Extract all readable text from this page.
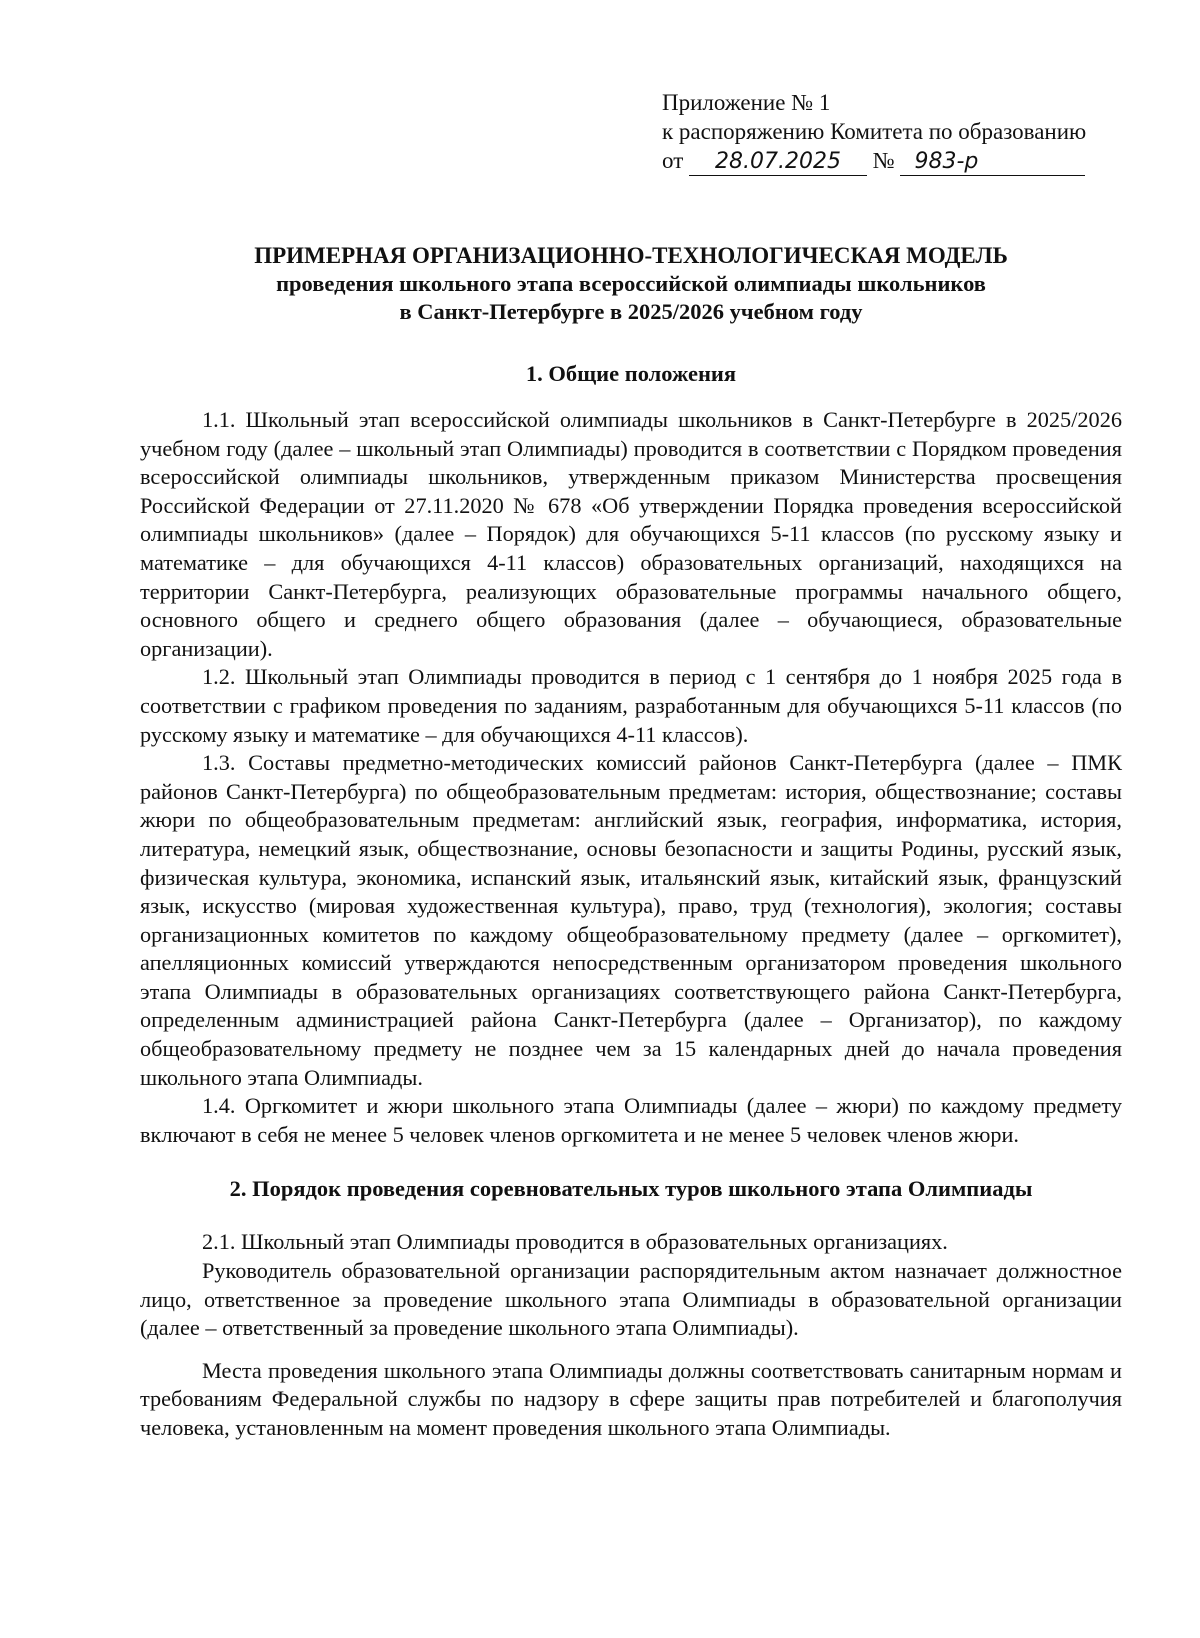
Приложение № 1
к распоряжению Комитета по образованию
от 28.07.2025 № 983-р
ПРИМЕРНАЯ ОРГАНИЗАЦИОННО-ТЕХНОЛОГИЧЕСКАЯ МОДЕЛЬ
проведения школьного этапа всероссийской олимпиады школьников
в Санкт-Петербурге в 2025/2026 учебном году
1. Общие положения

1.1. Школьный этап всероссийской олимпиады школьников в Санкт-Петербурге в 2025/2026 учебном году (далее – школьный этап Олимпиады) проводится в соответствии с Порядком проведения всероссийской олимпиады школьников, утвержденным приказом Министерства просвещения Российской Федерации от 27.11.2020 № 678 «Об утверждении Порядка проведения всероссийской олимпиады школьников» (далее – Порядок) для обучающихся 5-11 классов (по русскому языку и математике – для обучающихся 4-11 классов) образовательных организаций, находящихся на территории Санкт-Петербурга, реализующих образовательные программы начального общего, основного общего и среднего общего образования (далее – обучающиеся, образовательные организации).

1.2. Школьный этап Олимпиады проводится в период с 1 сентября до 1 ноября 2025 года в соответствии с графиком проведения по заданиям, разработанным для обучающихся 5-11 классов (по русскому языку и математике – для обучающихся 4-11 классов).

1.3. Составы предметно-методических комиссий районов Санкт-Петербурга (далее – ПМК районов Санкт-Петербурга) по общеобразовательным предметам: история, обществознание; составы жюри по общеобразовательным предметам: английский язык, география, информатика, история, литература, немецкий язык, обществознание, основы безопасности и защиты Родины, русский язык, физическая культура, экономика, испанский язык, итальянский язык, китайский язык, французский язык, искусство (мировая художественная культура), право, труд (технология), экология; составы организационных комитетов по каждому общеобразовательному предмету (далее – оргкомитет), апелляционных комиссий утверждаются непосредственным организатором проведения школьного этапа Олимпиады в образовательных организациях соответствующего района Санкт-Петербурга, определенным администрацией района Санкт-Петербурга (далее – Организатор), по каждому общеобразовательному предмету не позднее чем за 15 календарных дней до начала проведения школьного этапа Олимпиады.

1.4. Оргкомитет и жюри школьного этапа Олимпиады (далее – жюри) по каждому предмету включают в себя не менее 5 человек членов оргкомитета и не менее 5 человек членов жюри.

2. Порядок проведения соревновательных туров школьного этапа Олимпиады

2.1. Школьный этап Олимпиады проводится в образовательных организациях.

Руководитель образовательной организации распорядительным актом назначает должностное лицо, ответственное за проведение школьного этапа Олимпиады в образовательной организации (далее – ответственный за проведение школьного этапа Олимпиады).

Места проведения школьного этапа Олимпиады должны соответствовать санитарным нормам и требованиям Федеральной службы по надзору в сфере защиты прав потребителей и благополучия человека, установленным на момент проведения школьного этапа Олимпиады.
